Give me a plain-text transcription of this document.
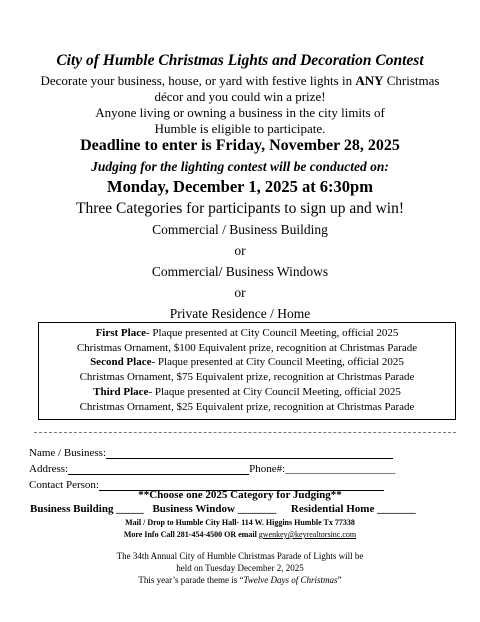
City of Humble Christmas Lights and Decoration Contest

Decorate your business, house, or yard with festive lights in ANY Christmas

décor and you could win a prize!

Anyone living or owning a business in the city limits of

Humble is eligible to participate.

Deadline to enter is Friday, November 28, 2025
Judging for the lighting contest will be conducted on:
Monday, December 1, 2025 at 6:30pm
Three Categories for participants to sign up and win!
Commercial / Business Building
or
Commercial/ Business Windows
or
Private Residence / Home
First Place- Plaque presented at City Council Meeting, official 2025
Christmas Ornament, $100 Equivalent prize, recognition at Christmas Parade
Second Place- Plaque presented at City Council Meeting, official 2025
Christmas Ornament, $75 Equivalent prize, recognition at Christmas Parade
Third Place- Plaque presented at City Council Meeting, official 2025
Christmas Ornament, $25 Equivalent prize, recognition at Christmas Parade
Name / Business:
Address:	Phone#: ____________________
Contact Person:
**Choose one 2025 Category for Judging**
Business Building _____ Business Window _______ Residential Home _______
Mail / Drop to Humble City Hall- 114 W. Higgins Humble Tx 77338
More Info Call 281-454-4500 OR email gwenkey@keyrealtorsinc.com
The 34th Annual City of Humble Christmas Parade of Lights will be
held on Tuesday December 2, 2025
This year’s parade theme is “Twelve Days of Christmas”
